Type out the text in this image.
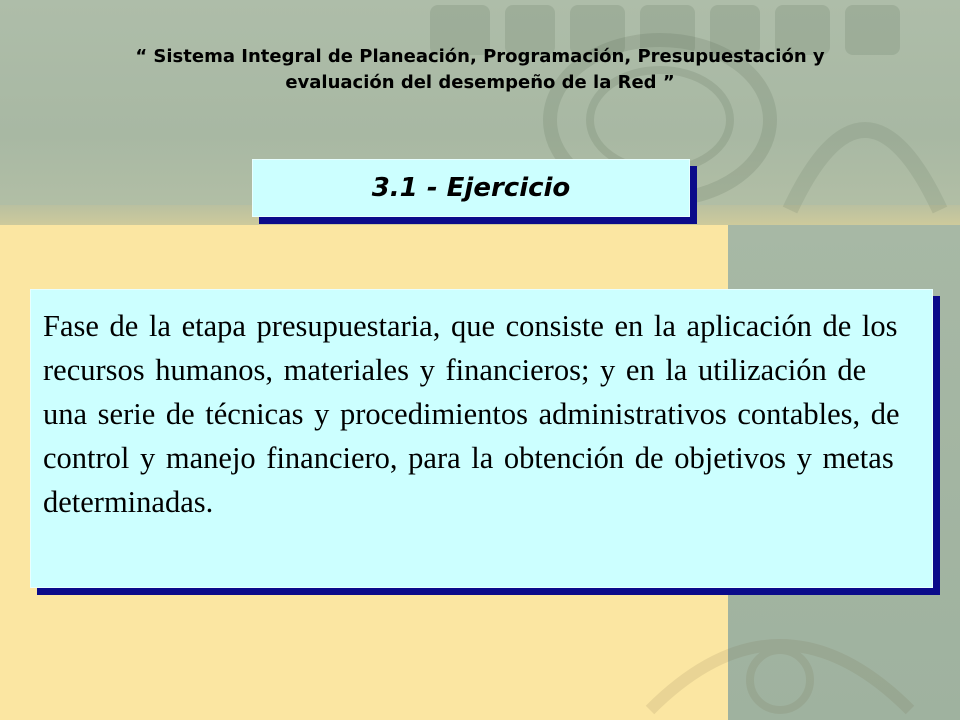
“ Sistema Integral de Planeación, Programación, Presupuestación y
evaluación del desempeño de la Red ”
3.1 - Ejercicio

Fase de la etapa presupuestaria, que consiste en la aplicación de los recursos humanos, materiales y financieros; y en la utilización de una serie de técnicas y procedimientos administrativos contables, de control y manejo financiero, para la obtención de objetivos y metas determinadas.
